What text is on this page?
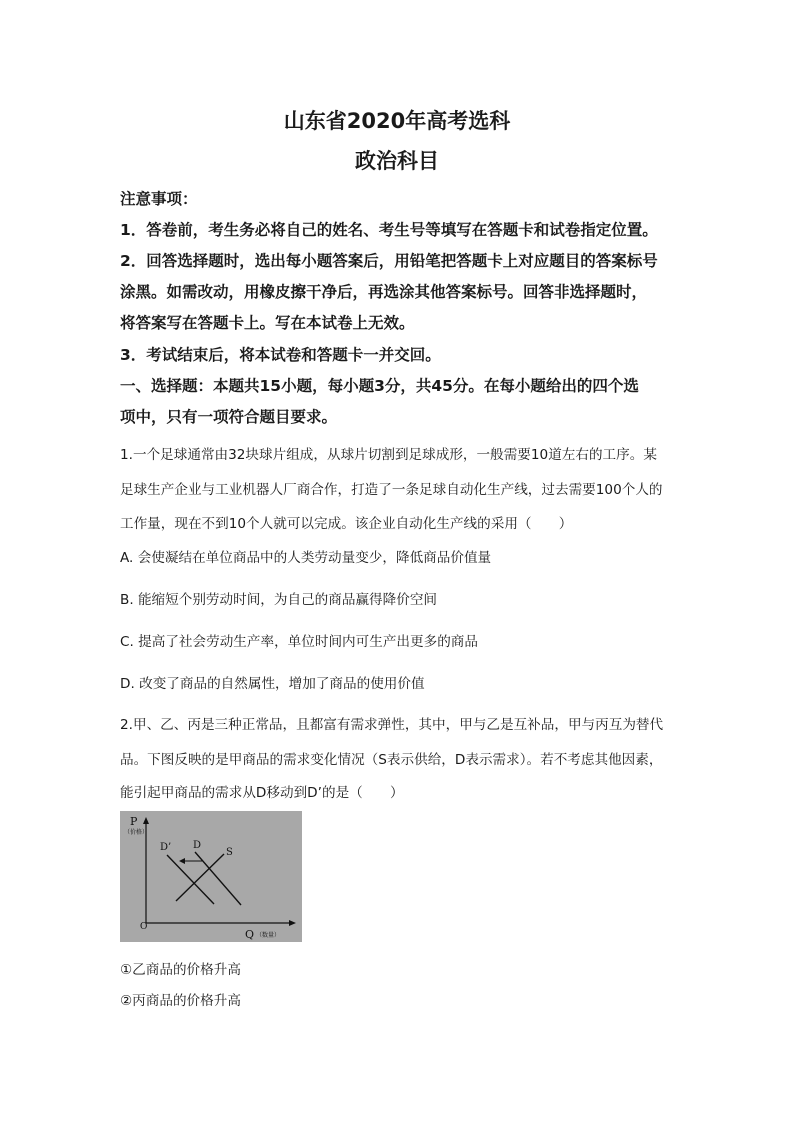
山东省2020年高考选科
政治科目
注意事项：
1．答卷前，考生务必将自己的姓名、考生号等填写在答题卡和试卷指定位置。
2．回答选择题时，选出每小题答案后，用铅笔把答题卡上对应题目的答案标号
涂黑。如需改动，用橡皮擦干净后，再选涂其他答案标号。回答非选择题时，
将答案写在答题卡上。写在本试卷上无效。
3．考试结束后，将本试卷和答题卡一并交回。
一、选择题：本题共15小题，每小题3分，共45分。在每小题给出的四个选
项中，只有一项符合题目要求。
1.一个足球通常由32块球片组成，从球片切割到足球成形，一般需要10道左右的工序。某
足球生产企业与工业机器人厂商合作，打造了一条足球自动化生产线，过去需要100个人的
工作量，现在不到10个人就可以完成。该企业自动化生产线的采用（　　）
A. 会使凝结在单位商品中的人类劳动量变少，降低商品价值量
B. 能缩短个别劳动时间，为自己的商品赢得降价空间
C. 提高了社会劳动生产率，单位时间内可生产出更多的商品
D. 改变了商品的自然属性，增加了商品的使用价值
2.甲、乙、丙是三种正常品，且都富有需求弹性，其中，甲与乙是互补品，甲与丙互为替代
品。下图反映的是甲商品的需求变化情况（S表示供给，D表示需求）。若不考虑其他因素，
能引起甲商品的需求从D移动到D’的是（　　）
P
（价格）
Q （数量）
O
D’ D
S
①乙商品的价格升高
②丙商品的价格升高
